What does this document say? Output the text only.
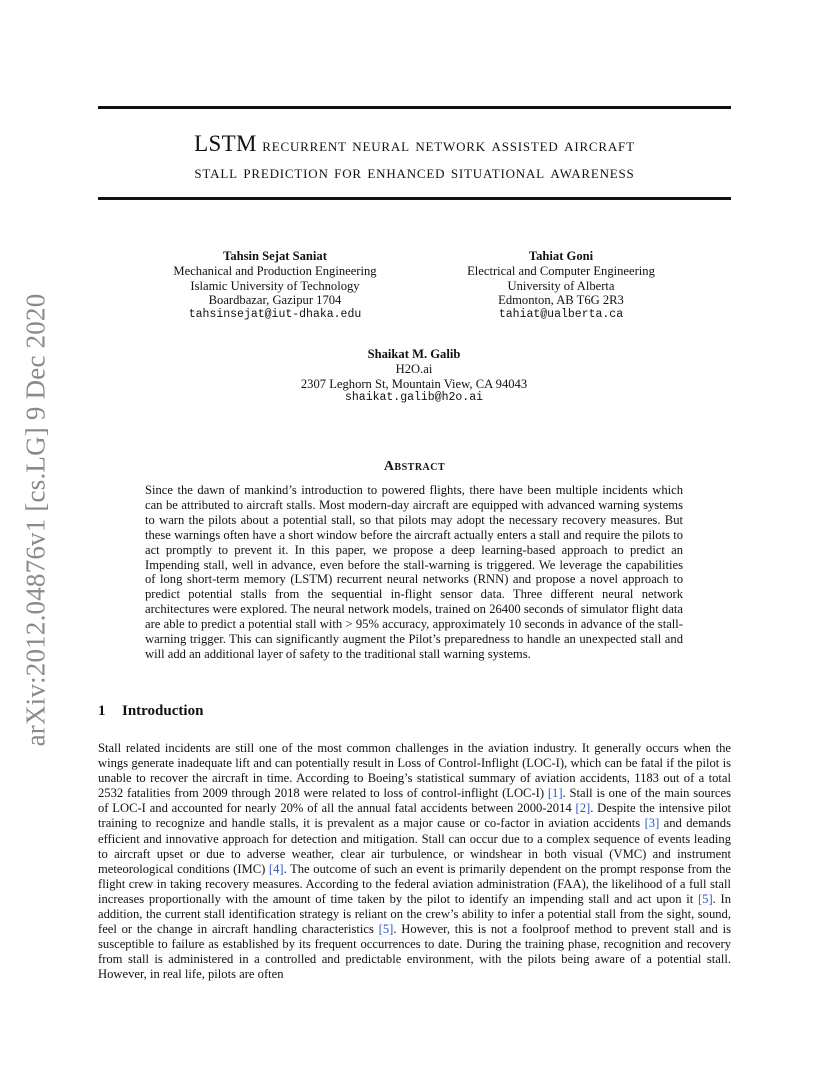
arXiv:2012.04876v1 [cs.LG] 9 Dec 2020
LSTM recurrent neural network assisted aircraft
stall prediction for enhanced situational awareness
Tahsin Sejat Saniat
Mechanical and Production Engineering
Islamic University of Technology
Boardbazar, Gazipur 1704
tahsinsejat@iut-dhaka.edu
Tahiat Goni
Electrical and Computer Engineering
University of Alberta
Edmonton, AB T6G 2R3
tahiat@ualberta.ca
Shaikat M. Galib
H2O.ai
2307 Leghorn St, Mountain View, CA 94043
shaikat.galib@h2o.ai
Abstract
Since the dawn of mankind’s introduction to powered flights, there have been multiple incidents which can be attributed to aircraft stalls. Most modern-day aircraft are equipped with advanced warning systems to warn the pilots about a potential stall, so that pilots may adopt the necessary recovery measures. But these warnings often have a short window before the aircraft actually enters a stall and require the pilots to act promptly to prevent it. In this paper, we propose a deep learning-based approach to predict an Impending stall, well in advance, even before the stall-warning is triggered. We leverage the capabilities of long short-term memory (LSTM) recurrent neural networks (RNN) and propose a novel approach to predict potential stalls from the sequential in-flight sensor data. Three different neural network architectures were explored. The neural network models, trained on 26400 seconds of simulator flight data are able to predict a potential stall with > 95% accuracy, approximately 10 seconds in advance of the stall-warning trigger. This can significantly augment the Pilot’s preparedness to handle an unexpected stall and will add an additional layer of safety to the traditional stall warning systems.
1 Introduction
Stall related incidents are still one of the most common challenges in the aviation industry. It generally occurs when the wings generate inadequate lift and can potentially result in Loss of Control-Inflight (LOC-I), which can be fatal if the pilot is unable to recover the aircraft in time. According to Boeing’s statistical summary of aviation accidents, 1183 out of a total 2532 fatalities from 2009 through 2018 were related to loss of control-inflight (LOC-I) [1]. Stall is one of the main sources of LOC-I and accounted for nearly 20% of all the annual fatal accidents between 2000-2014 [2]. Despite the intensive pilot training to recognize and handle stalls, it is prevalent as a major cause or co-factor in aviation accidents [3] and demands efficient and innovative approach for detection and mitigation. Stall can occur due to a complex sequence of events leading to aircraft upset or due to adverse weather, clear air turbulence, or windshear in both visual (VMC) and instrument meteorological conditions (IMC) [4]. The outcome of such an event is primarily dependent on the prompt response from the flight crew in taking recovery measures. According to the federal aviation administration (FAA), the likelihood of a full stall increases proportionally with the amount of time taken by the pilot to identify an impending stall and act upon it [5]. In addition, the current stall identification strategy is reliant on the crew’s ability to infer a potential stall from the sight, sound, feel or the change in aircraft handling characteristics [5]. However, this is not a foolproof method to prevent stall and is susceptible to failure as established by its frequent occurrences to date. During the training phase, recognition and recovery from stall is administered in a controlled and predictable environment, with the pilots being aware of a potential stall. However, in real life, pilots are often
